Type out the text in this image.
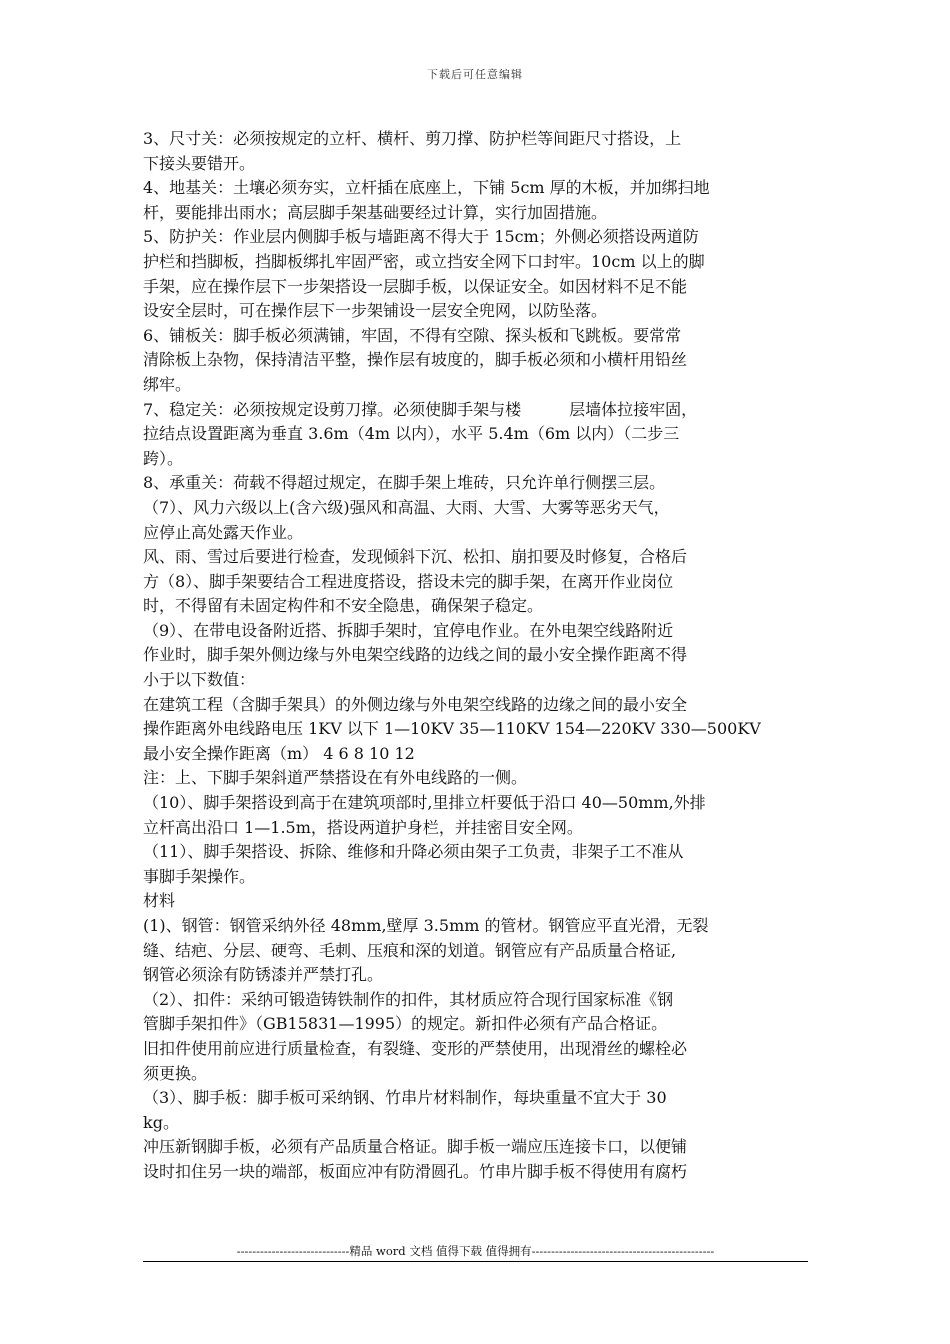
下载后可任意编辑
3、尺寸关：必须按规定的立杆、横杆、剪刀撑、防护栏等间距尺寸搭设，上
下接头要错开。
4、地基关：土壤必须夯实，立杆插在底座上，下铺 5cm 厚的木板，并加绑扫地
杆，要能排出雨水；高层脚手架基础要经过计算，实行加固措施。
5、防护关：作业层内侧脚手板与墙距离不得大于 15cm；外侧必须搭设两道防
护栏和挡脚板，挡脚板绑扎牢固严密，或立挡安全网下口封牢。10cm 以上的脚
手架，应在操作层下一步架搭设一层脚手板，以保证安全。如因材料不足不能
设安全层时，可在操作层下一步架铺设一层安全兜网，以防坠落。
6、铺板关：脚手板必须满铺，牢固，不得有空隙、探头板和飞跳板。要常常
清除板上杂物，保持清洁平整，操作层有坡度的，脚手板必须和小横杆用铅丝
绑牢。
7、稳定关：必须按规定设剪刀撑。必须使脚手架与楼　　　层墙体拉接牢固，
拉结点设置距离为垂直 3.6m（4m 以内），水平 5.4m（6m 以内）（二步三
跨）。
8、承重关：荷载不得超过规定，在脚手架上堆砖，只允许单行侧摆三层。
（7）、风力六级以上(含六级)强风和高温、大雨、大雪、大雾等恶劣天气，
应停止高处露天作业。
风、雨、雪过后要进行检查，发现倾斜下沉、松扣、崩扣要及时修复，合格后
方（8）、脚手架要结合工程进度搭设，搭设未完的脚手架，在离开作业岗位
时，不得留有未固定构件和不安全隐患，确保架子稳定。
（9）、在带电设备附近搭、拆脚手架时，宜停电作业。在外电架空线路附近
作业时，脚手架外侧边缘与外电架空线路的边线之间的最小安全操作距离不得
小于以下数值：
在建筑工程（含脚手架具）的外侧边缘与外电架空线路的边缘之间的最小安全
操作距离外电线路电压 1KV 以下 1—10KV 35—110KV 154—220KV 330—500KV
最小安全操作距离（m） 4 6 8 10 12
注：上、下脚手架斜道严禁搭设在有外电线路的一侧。
（10）、脚手架搭设到高于在建筑项部时,里排立杆要低于沿口 40—50mm,外排
立杆高出沿口 1—1.5m，搭设两道护身栏，并挂密目安全网。
（11）、脚手架搭设、拆除、维修和升降必须由架子工负责，非架子工不准从
事脚手架操作。
材料
(1)、钢管：钢管采纳外径 48mm,壁厚 3.5mm 的管材。钢管应平直光滑，无裂
缝、结疤、分层、硬弯、毛刺、压痕和深的划道。钢管应有产品质量合格证,
钢管必须涂有防锈漆并严禁打孔。
（2）、扣件：采纳可锻造铸铁制作的扣件，其材质应符合现行国家标准《钢
管脚手架扣件》（GB15831—1995）的规定。新扣件必须有产品合格证。
旧扣件使用前应进行质量检查，有裂缝、变形的严禁使用，出现滑丝的螺栓必
须更换。
（3）、脚手板：脚手板可采纳钢、竹串片材料制作，每块重量不宜大于 30
kg。
冲压新钢脚手板，必须有产品质量合格证。脚手板一端应压连接卡口，以便铺
设时扣住另一块的端部，板面应冲有防滑圆孔。竹串片脚手板不得使用有腐朽
-----------------------------精品 word 文档 值得下载 值得拥有-----------------------------------------------
